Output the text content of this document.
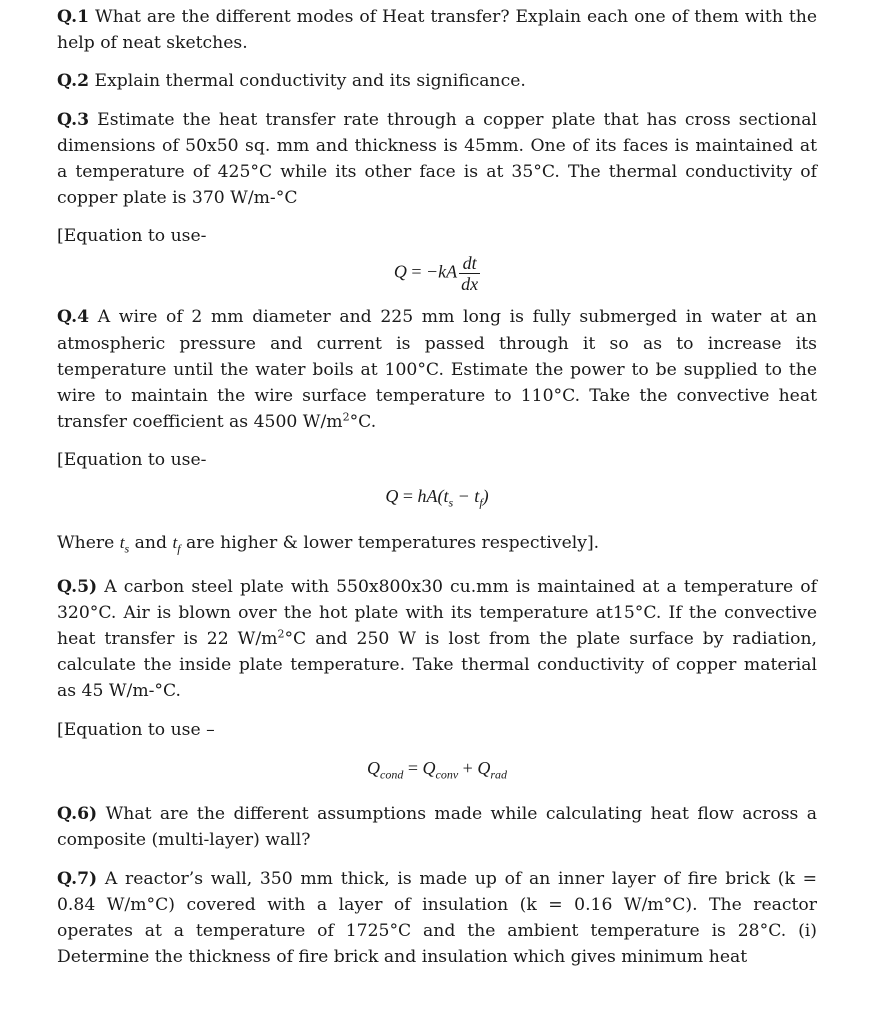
Q.1 What are the different modes of Heat transfer? Explain each one of them with the help of neat sketches.

Q.2 Explain thermal conductivity and its significance.

Q.3 Estimate the heat transfer rate through a copper plate that has cross sectional dimensions of 50x50 sq. mm and thickness is 45mm. One of its faces is maintained at a temperature of 425°C while its other face is at 35°C. The thermal conductivity of copper plate is 370 W/m-°C

[Equation to use-

$Q = -kA \frac{dt}{dx}$

Q.4 A wire of 2 mm diameter and 225 mm long is fully submerged in water at an atmospheric pressure and current is passed through it so as to increase its temperature until the water boils at 100°C. Estimate the power to be supplied to the wire to maintain the wire surface temperature to 110°C. Take the convective heat transfer coefficient as 4500 $W/m^2^\circ C$.

[Equation to use-

$Q = hA(t_s - t_f)$

Where $t_s$ and $t_f$ are higher & lower temperatures respectively].

Q.5) A carbon steel plate with 550x800x30 cu.mm is maintained at a temperature of 320°C. Air is blown over the hot plate with its temperature at15°C. If the convective heat transfer is 22 $W/m^2^\circ C$ and 250 W is lost from the plate surface by radiation, calculate the inside plate temperature. Take thermal conductivity of copper material as 45 W/m-°C.

[Equation to use –

$Q_{cond} = Q_{conv} + Q_{rad}$

Q.6) What are the different assumptions made while calculating heat flow across a composite (multi-layer) wall?

Q.7) A reactor’s wall, 350 mm thick, is made up of an inner layer of fire brick (k = 0.84 W/m°C) covered with a layer of insulation (k = 0.16 W/m°C). The reactor operates at a temperature of 1725°C and the ambient temperature is 28°C. (i) Determine the thickness of fire brick and insulation which gives minimum heat
